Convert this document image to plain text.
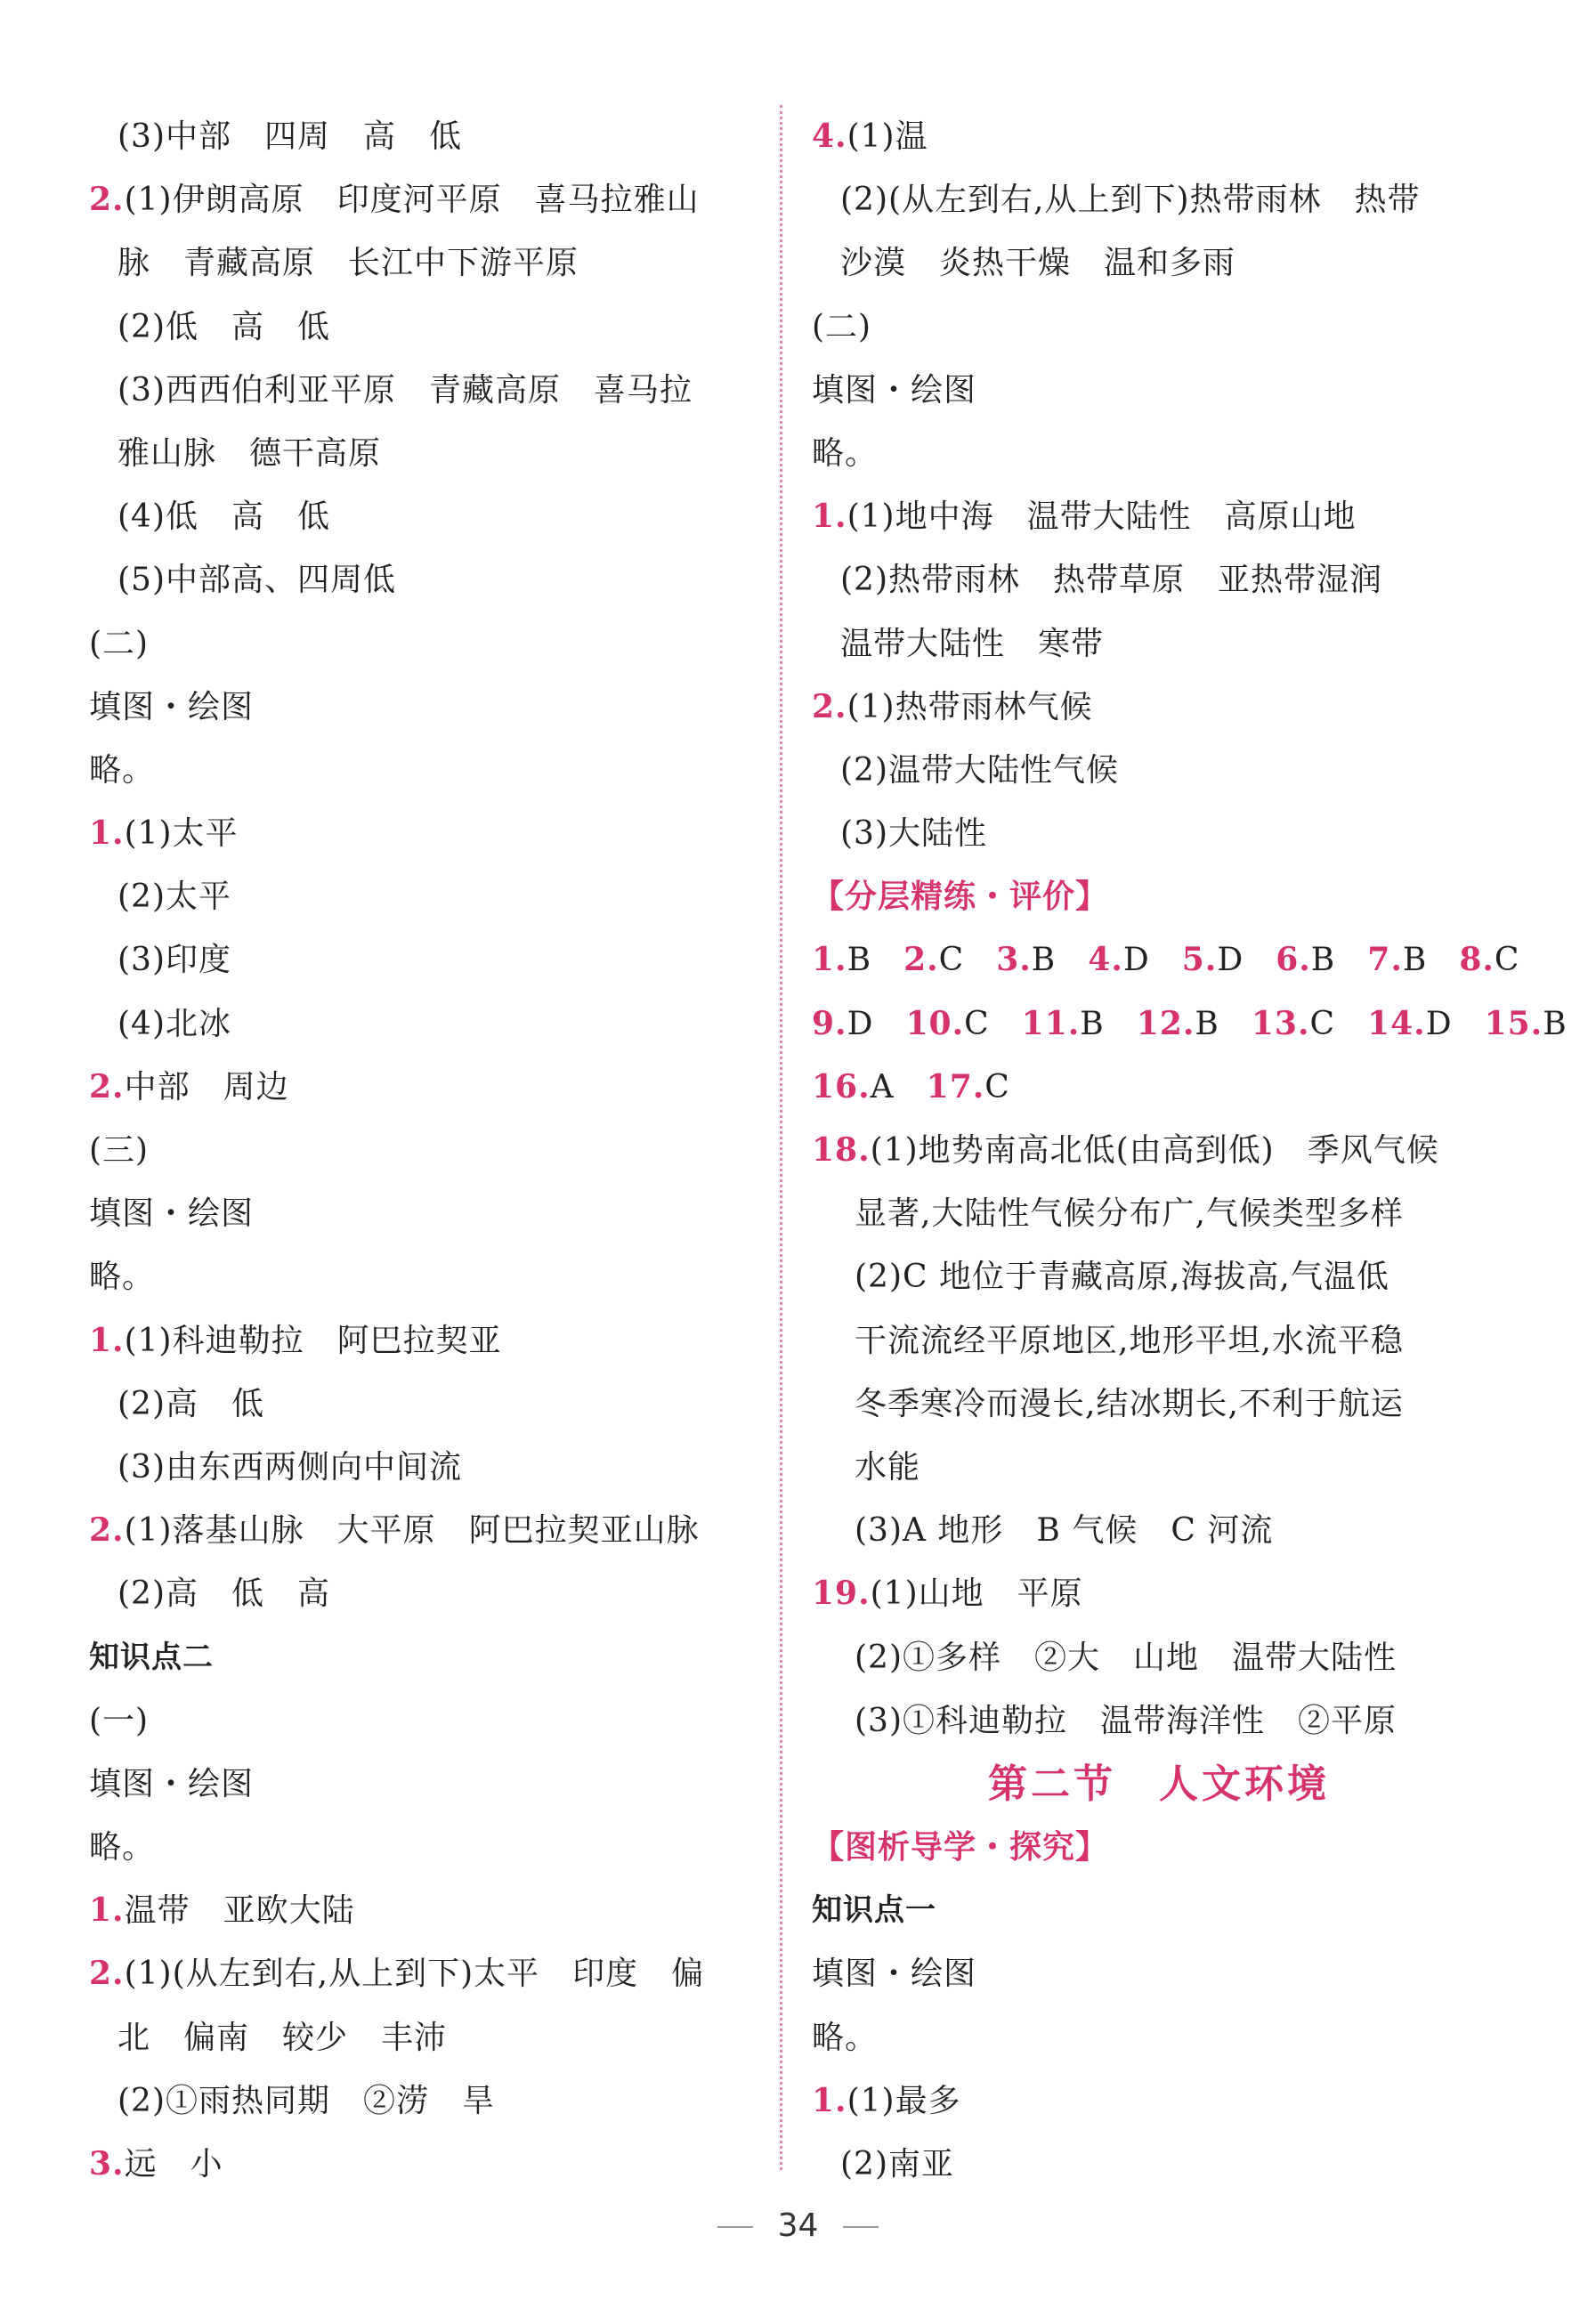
(3)中部　四周　高　低
2.(1)伊朗高原　印度河平原　喜马拉雅山
脉　青藏高原　长江中下游平原
(2)低　高　低
(3)西西伯利亚平原　青藏高原　喜马拉
雅山脉　德干高原
(4)低　高　低
(5)中部高、四周低
(二)
填图・绘图
略。
1.(1)太平
(2)太平
(3)印度
(4)北冰
2.中部　周边
(三)
填图・绘图
略。
1.(1)科迪勒拉　阿巴拉契亚
(2)高　低
(3)由东西两侧向中间流
2.(1)落基山脉　大平原　阿巴拉契亚山脉
(2)高　低　高
知识点二
(一)
填图・绘图
略。
1.温带　亚欧大陆
2.(1)(从左到右,从上到下)太平　印度　偏
北　偏南　较少　丰沛
(2)①雨热同期　②涝　旱
3.远　小
4.(1)温
(2)(从左到右,从上到下)热带雨林　热带
沙漠　炎热干燥　温和多雨
(二)
填图・绘图
略。
1.(1)地中海　温带大陆性　高原山地
(2)热带雨林　热带草原　亚热带湿润
温带大陆性　寒带
2.(1)热带雨林气候
(2)温带大陆性气候
(3)大陆性
【分层精练・评价】
1.B 2.C 3.B 4.D 5.D 6.B 7.B 8.C
9.D 10.C 11.B 12.B 13.C 14.D 15.B
16.A 17.C
18.(1)地势南高北低(由高到低)　季风气候
显著,大陆性气候分布广,气候类型多样
(2)C 地位于青藏高原,海拔高,气温低
干流流经平原地区,地形平坦,水流平稳
冬季寒冷而漫长,结冰期长,不利于航运
水能
(3)A 地形　B 气候　C 河流
19.(1)山地　平原
(2)①多样　②大　山地　温带大陆性
(3)①科迪勒拉　温带海洋性　②平原
第二节　人文环境
【图析导学・探究】
知识点一
填图・绘图
略。
1.(1)最多
(2)南亚
34
